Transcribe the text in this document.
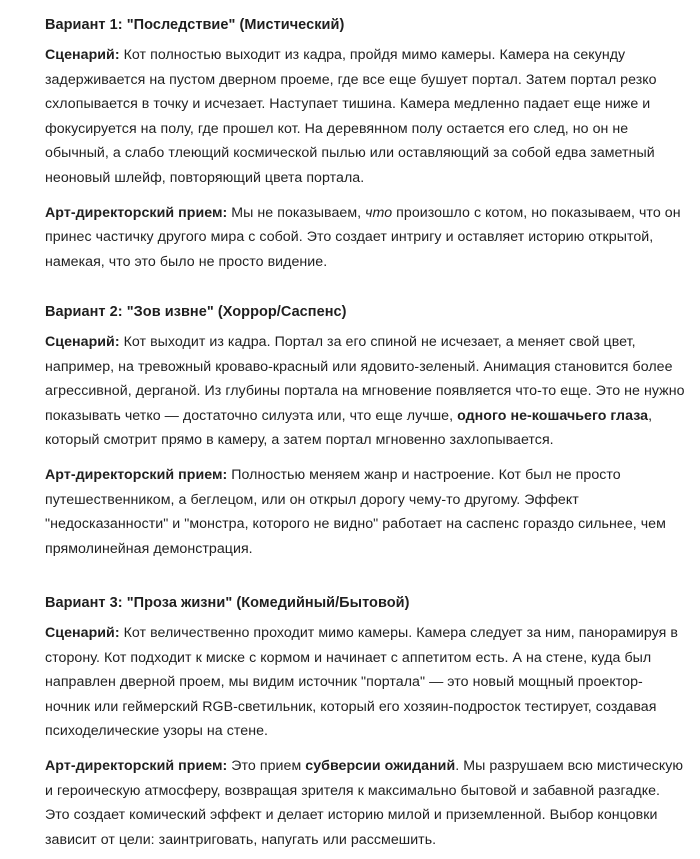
Вариант 1: "Последствие" (Мистический)

Сценарий: Кот полностью выходит из кадра, пройдя мимо камеры. Камера на секунду задерживается на пустом дверном проеме, где все еще бушует портал. Затем портал резко схлопывается в точку и исчезает. Наступает тишина. Камера медленно падает еще ниже и фокусируется на полу, где прошел кот. На деревянном полу остается его след, но он не обычный, а слабо тлеющий космической пылью или оставляющий за собой едва заметный неоновый шлейф, повторяющий цвета портала.

Арт-директорский прием: Мы не показываем, что произошло с котом, но показываем, что он принес частичку другого мира с собой. Это создает интригу и оставляет историю открытой, намекая, что это было не просто видение.

Вариант 2: "Зов извне" (Хоррор/Саспенс)

Сценарий: Кот выходит из кадра. Портал за его спиной не исчезает, а меняет свой цвет, например, на тревожный кроваво-красный или ядовито-зеленый. Анимация становится более агрессивной, дерганой. Из глубины портала на мгновение появляется что-то еще. Это не нужно показывать четко — достаточно силуэта или, что еще лучше, одного не-кошачьего глаза, который смотрит прямо в камеру, а затем портал мгновенно захлопывается.

Арт-директорский прием: Полностью меняем жанр и настроение. Кот был не просто путешественником, а беглецом, или он открыл дорогу чему-то другому. Эффект "недосказанности" и "монстра, которого не видно" работает на саспенс гораздо сильнее, чем прямолинейная демонстрация.

Вариант 3: "Проза жизни" (Комедийный/Бытовой)

Сценарий: Кот величественно проходит мимо камеры. Камера следует за ним, панорамируя в сторону. Кот подходит к миске с кормом и начинает с аппетитом есть. А на стене, куда был направлен дверной проем, мы видим источник "портала" — это новый мощный проектор-ночник или геймерский RGB-светильник, который его хозяин-подросток тестирует, создавая психоделические узоры на стене.

Арт-директорский прием: Это прием субверсии ожиданий. Мы разрушаем всю мистическую и героическую атмосферу, возвращая зрителя к максимально бытовой и забавной разгадке. Это создает комический эффект и делает историю милой и приземленной. Выбор концовки зависит от цели: заинтриговать, напугать или рассмешить.
